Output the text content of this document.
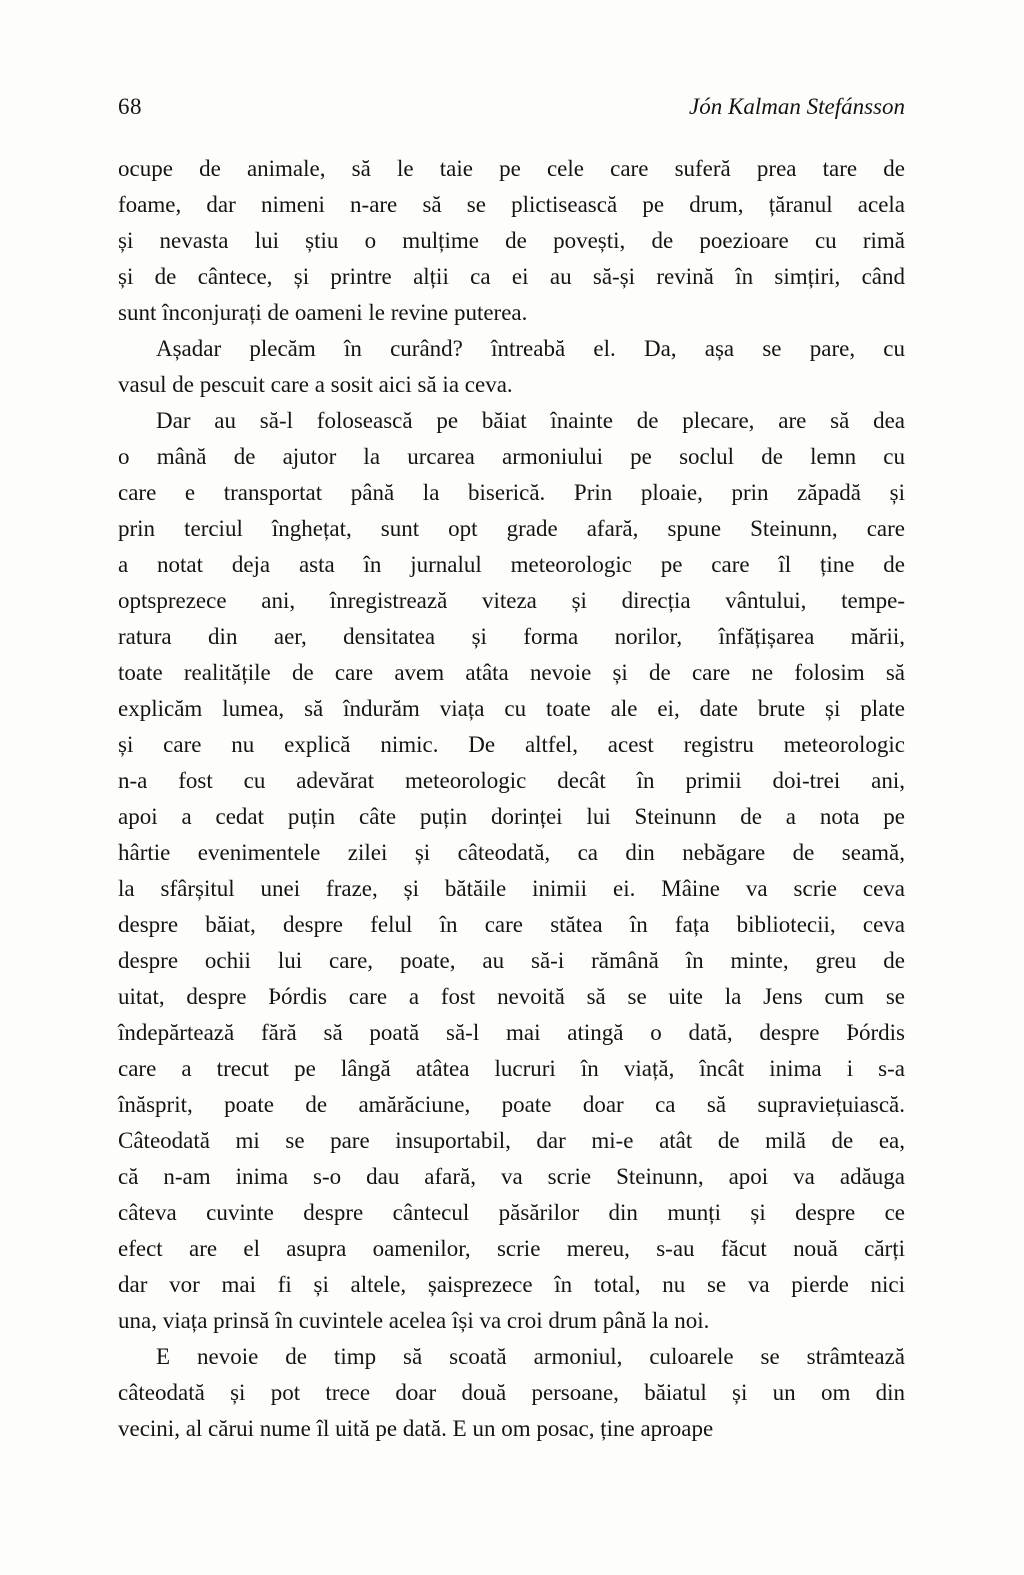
68	Jón Kalman Stefánsson
ocupe de animale, să le taie pe cele care suferă prea tare de
foame, dar nimeni n-are să se plictisească pe drum, țăranul acela
și nevasta lui știu o mulțime de povești, de poezioare cu rimă
și de cântece, și printre alții ca ei au să-și revină în simțiri, când
sunt înconjurați de oameni le revine puterea.
Așadar plecăm în curând? întreabă el. Da, așa se pare, cu
vasul de pescuit care a sosit aici să ia ceva.
Dar au să-l folosească pe băiat înainte de plecare, are să dea
o mână de ajutor la urcarea armoniului pe soclul de lemn cu
care e transportat până la biserică. Prin ploaie, prin zăpadă și
prin terciul înghețat, sunt opt grade afară, spune Steinunn, care
a notat deja asta în jurnalul meteorologic pe care îl ține de
optsprezece ani, înregistrează viteza și direcția vântului, tempe-
ratura din aer, densitatea și forma norilor, înfățișarea mării,
toate realitățile de care avem atâta nevoie și de care ne folosim să
explicăm lumea, să îndurăm viața cu toate ale ei, date brute și plate
și care nu explică nimic. De altfel, acest registru meteorologic
n-a fost cu adevărat meteorologic decât în primii doi-trei ani,
apoi a cedat puțin câte puțin dorinței lui Steinunn de a nota pe
hârtie evenimentele zilei și câteodată, ca din nebăgare de seamă,
la sfârșitul unei fraze, și bătăile inimii ei. Mâine va scrie ceva
despre băiat, despre felul în care stătea în fața bibliotecii, ceva
despre ochii lui care, poate, au să-i rămână în minte, greu de
uitat, despre Þórdis care a fost nevoită să se uite la Jens cum se
îndepărtează fără să poată să-l mai atingă o dată, despre Þórdis
care a trecut pe lângă atâtea lucruri în viață, încât inima i s-a
înăsprit, poate de amărăciune, poate doar ca să supraviețuiască.
Câteodată mi se pare insuportabil, dar mi-e atât de milă de ea,
că n-am inima s-o dau afară, va scrie Steinunn, apoi va adăuga
câteva cuvinte despre cântecul păsărilor din munți și despre ce
efect are el asupra oamenilor, scrie mereu, s-au făcut nouă cărți
dar vor mai fi și altele, șaisprezece în total, nu se va pierde nici
una, viața prinsă în cuvintele acelea își va croi drum până la noi.
E nevoie de timp să scoată armoniul, culoarele se strâmtează
câteodată și pot trece doar două persoane, băiatul și un om din
vecini, al cărui nume îl uită pe dată. E un om posac, ține aproape
